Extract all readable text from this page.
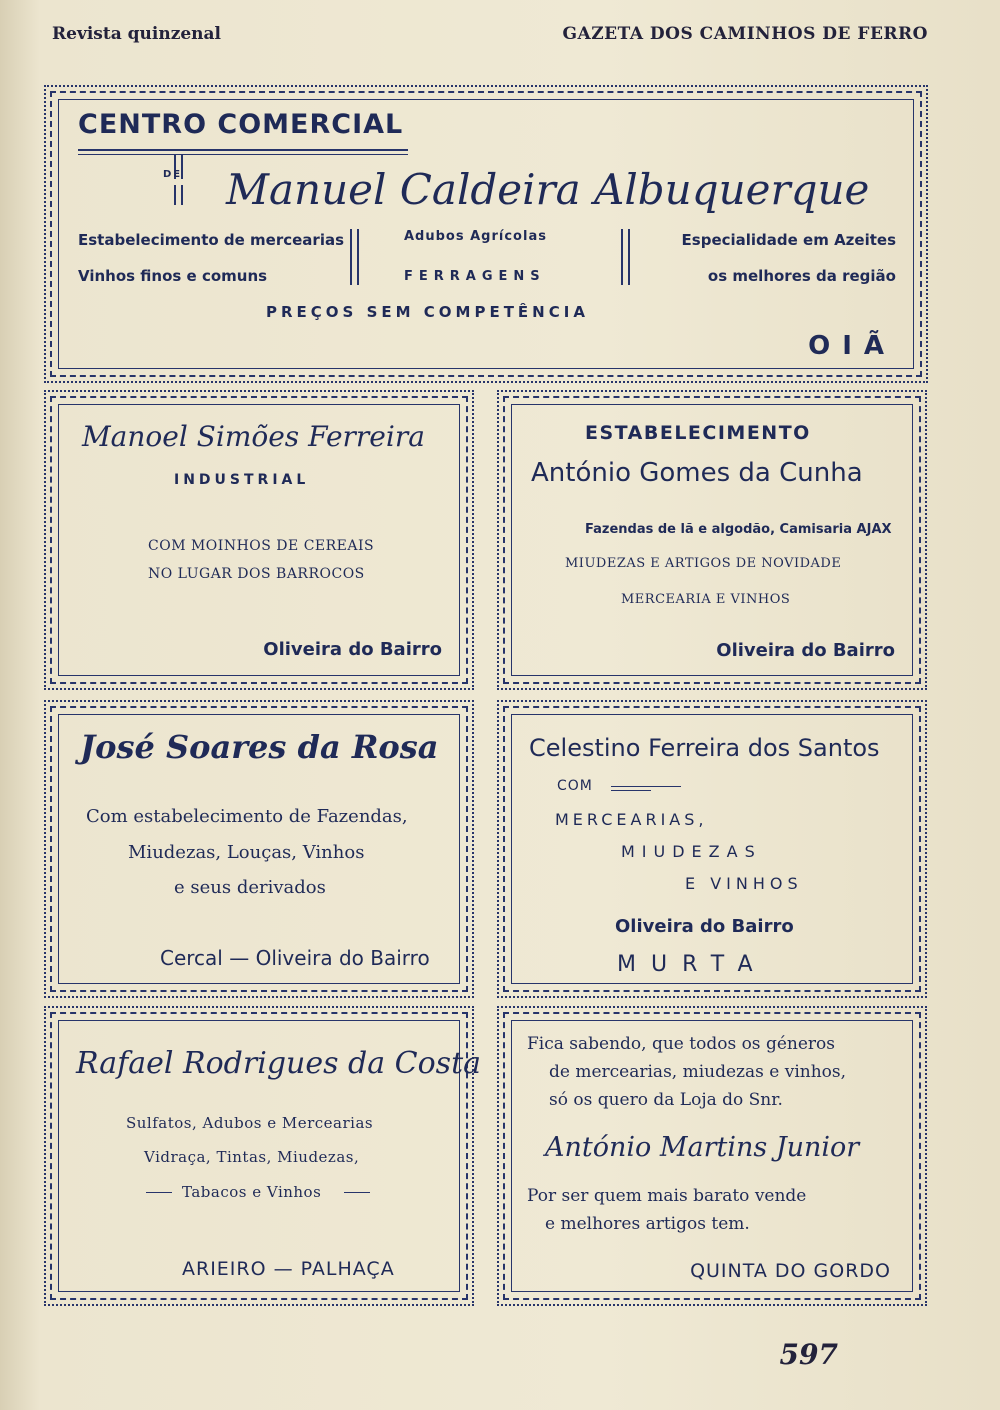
Revista quinzenal	GAZETA DOS CAMINHOS DE FERRO
CENTRO COMERCIAL
DE Manuel Caldeira Albuquerque
Estabelecimento de mercearias
Vinhos finos e comuns
Adubos Agrícolas
FERRAGENS
Especialidade em Azeites
os melhores da região
PREÇOS SEM COMPETÊNCIA
OIÃ
Manoel Simões Ferreira
INDUSTRIAL
COM MOINHOS DE CEREAIS
NO LUGAR DOS BARROCOS
Oliveira do Bairro
ESTABELECIMENTO
António Gomes da Cunha
Fazendas de lã e algodão, Camisaria AJAX
MIUDEZAS E ARTIGOS DE NOVIDADE
MERCEARIA E VINHOS
Oliveira do Bairro
José Soares da Rosa
Com estabelecimento de Fazendas,
Miudezas, Louças, Vinhos
e seus derivados
Cercal — Oliveira do Bairro
Celestino Ferreira dos Santos
COM
MERCEARIAS,
MIUDEZAS
E VINHOS
Oliveira do Bairro
MURTA
Rafael Rodrigues da Costa
Sulfatos, Adubos e Mercearias
Vidraça, Tintas, Miudezas,
Tabacos e Vinhos
ARIEIRO — PALHAÇA
Fica sabendo, que todos os géneros
de mercearias, miudezas e vinhos,
só os quero da Loja do Snr.
António Martins Junior
Por ser quem mais barato vende
e melhores artigos tem.
QUINTA DO GORDO
597
